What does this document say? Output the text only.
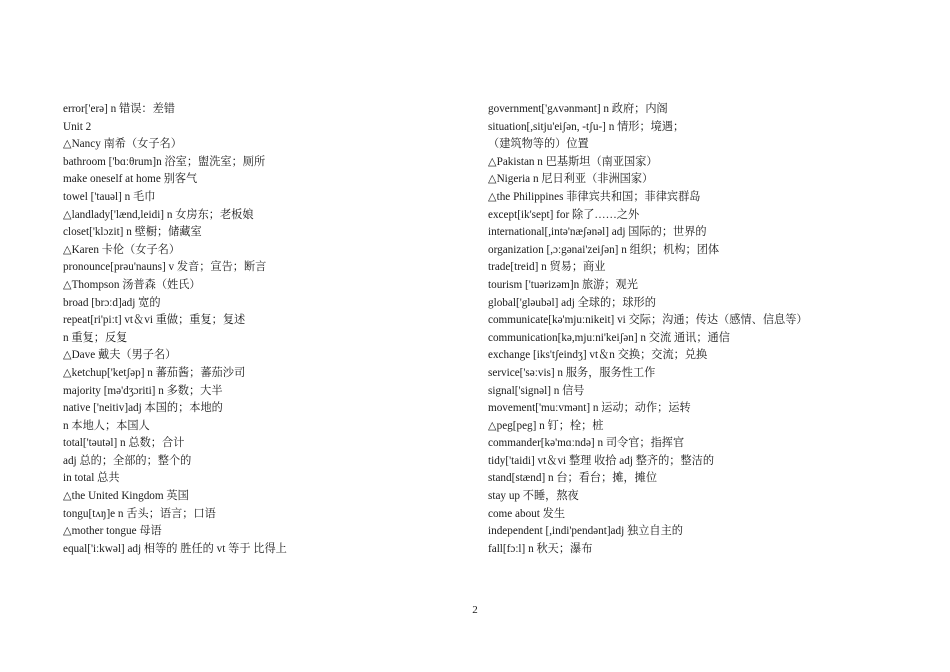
error['erə] n 错误：差错
Unit 2
△Nancy 南希（女子名）
bathroom ['bɑːθrum]n 浴室；盥洗室；厕所
make oneself at home 别客气
towel ['tauəl] n 毛巾
△landlady['lænd,leidi] n 女房东；老板娘
closet['klɔzit] n 壁橱；储藏室
△Karen 卡伦（女子名）
pronounce[prəu'nauns] v 发音；宣告；断言
△Thompson 汤普森（姓氏）
broad [brɔːd]adj 宽的
repeat[ri'piːt] vt＆vi 重做；重复；复述
n 重复；反复
△Dave 戴夫（男子名）
△ketchup['ketʃəp] n 蕃茄酱；蕃茄沙司
majority [mə'dʒɔriti] n 多数；大半
native ['neitiv]adj 本国的；本地的
n 本地人；本国人
total['təutəl] n 总数；合计
adj 总的；全部的；整个的
in total 总共
△the United Kingdom 英国
tongu[tʌŋ]e n 舌头；语言；口语
△mother tongue 母语
equal['iːkwəl] adj 相等的 胜任的 vt 等于 比得上
government['gʌvənmənt] n 政府；内阁
situation[,sitju'eiʃən, -tʃu-] n 情形；境遇；
（建筑物等的）位置
△Pakistan n 巴基斯坦（南亚国家）
△Nigeria n 尼日利亚（非洲国家）
△the Philippines 菲律宾共和国；菲律宾群岛
except[ik'sept] for 除了……之外
international[,intə'næʃənəl] adj 国际的；世界的
organization [,ɔːgənai'zeiʃən] n 组织；机构；团体
trade[treid] n 贸易；商业
tourism ['tuərizəm]n 旅游；观光
global['gləubəl] adj 全球的；球形的
communicate[kə'mjuːnikeit] vi 交际；沟通；传达（感情、信息等）
communication[kə,mjuːni'keiʃən] n 交流 通讯；通信
exchange [iks'tʃeindʒ] vt＆n 交换；交流；兑换
service['səːvis] n 服务，服务性工作
signal['signəl] n 信号
movement['muːvmənt] n 运动；动作；运转
△peg[peg] n 钉；栓；桩
commander[kə'mɑːndə] n 司令官；指挥官
tidy['taidi] vt＆vi 整理 收拾 adj 整齐的；整洁的
stand[stænd] n 台；看台；摊，摊位
stay up 不睡，熬夜
come about 发生
independent [,indi'pendənt]adj 独立自主的
fall[fɔːl] n 秋天；瀑布
2
